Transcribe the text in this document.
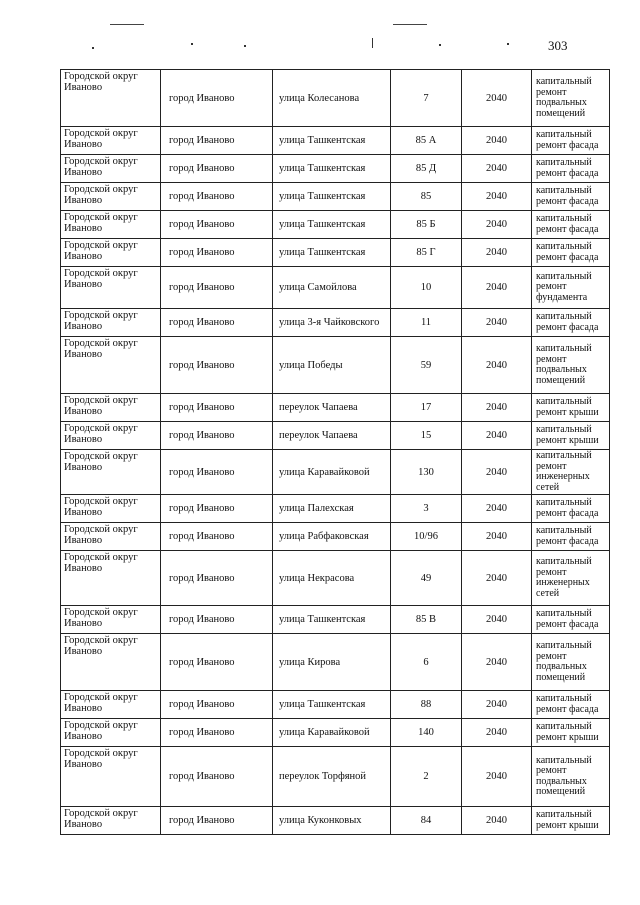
303
Городской округ Иваново	город Иваново	улица Колесанова	7	2040	капитальный ремонт подвальных помещений
Городской округ Иваново	город Иваново	улица Ташкентская	85 А	2040	капитальный ремонт фасада
Городской округ Иваново	город Иваново	улица Ташкентская	85 Д	2040	капитальный ремонт фасада
Городской округ Иваново	город Иваново	улица Ташкентская	85	2040	капитальный ремонт фасада
Городской округ Иваново	город Иваново	улица Ташкентская	85 Б	2040	капитальный ремонт фасада
Городской округ Иваново	город Иваново	улица Ташкентская	85 Г	2040	капитальный ремонт фасада
Городской округ Иваново	город Иваново	улица Самойлова	10	2040	капитальный ремонт фундамента
Городской округ Иваново	город Иваново	улица 3-я Чайковского	11	2040	капитальный ремонт фасада
Городской округ Иваново	город Иваново	улица Победы	59	2040	капитальный ремонт подвальных помещений
Городской округ Иваново	город Иваново	переулок Чапаева	17	2040	капитальный ремонт крыши
Городской округ Иваново	город Иваново	переулок Чапаева	15	2040	капитальный ремонт крыши
Городской округ Иваново	город Иваново	улица Каравайковой	130	2040	капитальный ремонт инженерных сетей
Городской округ Иваново	город Иваново	улица Палехская	3	2040	капитальный ремонт фасада
Городской округ Иваново	город Иваново	улица Рабфаковская	10/96	2040	капитальный ремонт фасада
Городской округ Иваново	город Иваново	улица Некрасова	49	2040	капитальный ремонт инженерных сетей
Городской округ Иваново	город Иваново	улица Ташкентская	85 В	2040	капитальный ремонт фасада
Городской округ Иваново	город Иваново	улица Кирова	6	2040	капитальный ремонт подвальных помещений
Городской округ Иваново	город Иваново	улица Ташкентская	88	2040	капитальный ремонт фасада
Городской округ Иваново	город Иваново	улица Каравайковой	140	2040	капитальный ремонт крыши
Городской округ Иваново	город Иваново	переулок Торфяной	2	2040	капитальный ремонт подвальных помещений
Городской округ Иваново	город Иваново	улица Куконковых	84	2040	капитальный ремонт крыши
